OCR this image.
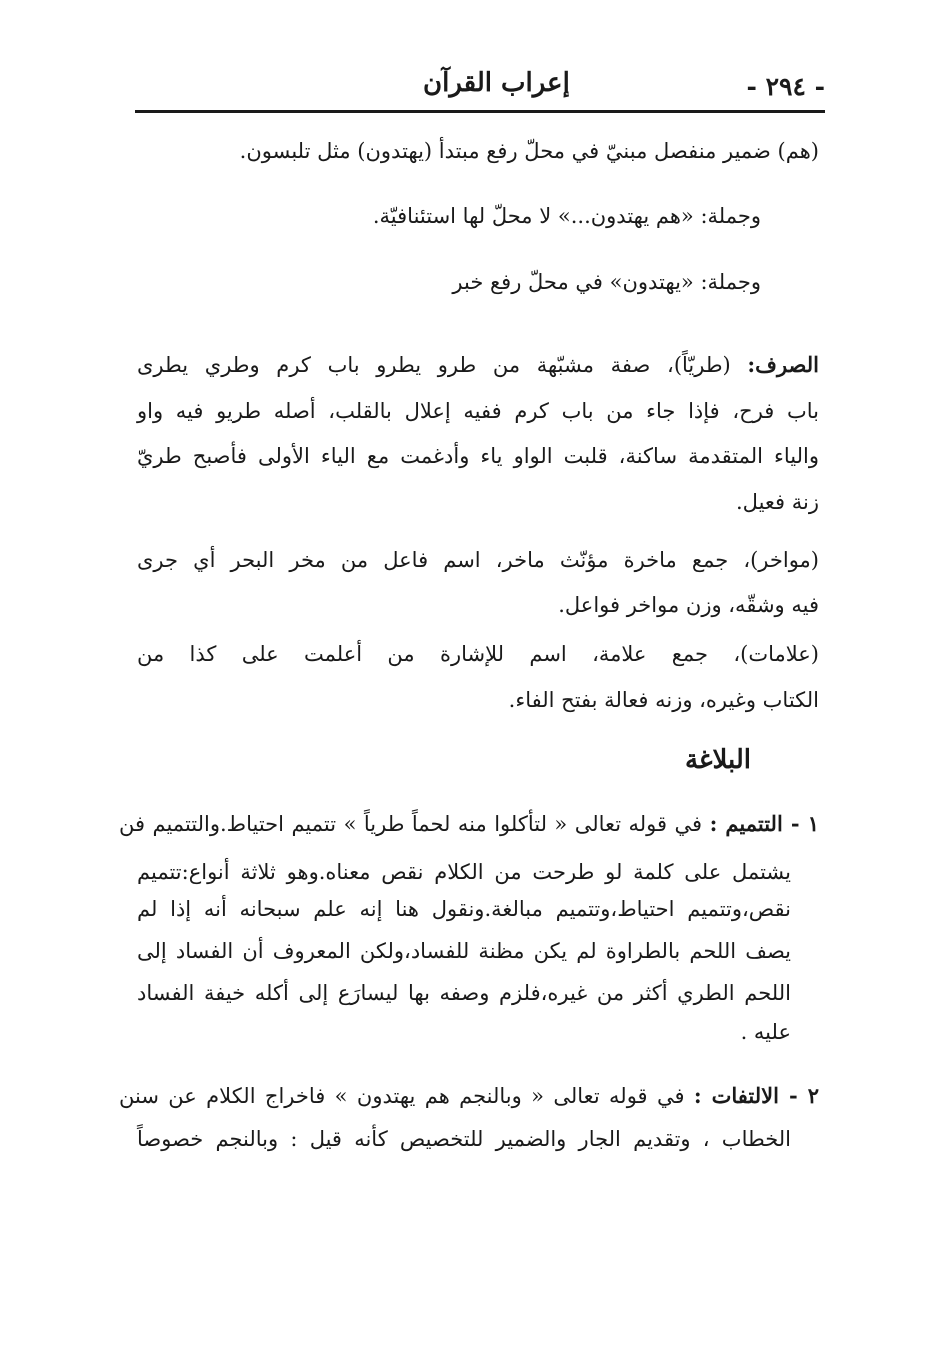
- ٢٩٤ -
إعراب القرآن
(هم) ضمير منفصل مبنيّ في محلّ رفع مبتدأ (يهتدون) مثل تلبسون.
وجملة: «هم يهتدون...» لا محلّ لها استئنافيّة.
وجملة: «يهتدون» في محلّ رفع خبر
الصرف: (طريّاً)، صفة مشبّهة من طرو يطرو باب كرم وطري يطرى
باب فرح، فإذا جاء من باب كرم ففيه إعلال بالقلب، أصله طريو فيه واو
والياء المتقدمة ساكنة، قلبت الواو ياء وأدغمت مع الياء الأولى فأصبح طريّ
زنة فعيل.
(مواخر)، جمع ماخرة مؤنّث ماخر، اسم فاعل من مخر البحر أي جرى
فيه وشقّه، وزن مواخر فواعل.
(علامات)، جمع علامة، اسم للإشارة من أعلمت على كذا من
الكتاب وغيره، وزنه فعالة بفتح الفاء.
البلاغة
١ - التتميم : في قوله تعالى « لتأكلوا منه لحماً طرياً » تتميم احتياط.والتتميم فن
يشتمل على كلمة لو طرحت من الكلام نقص معناه.وهو ثلاثة أنواع:تتميم
نقص،وتتميم احتياط،وتتميم مبالغة.ونقول هنا إنه علم سبحانه أنه إذا لم
يصف اللحم بالطراوة لم يكن مظنة للفساد،ولكن المعروف أن الفساد إلى
اللحم الطري أكثر من غيره،فلزم وصفه بها ليسارَع إلى أكله خيفة الفساد
عليه .
٢ - الالتفات : في قوله تعالى « وبالنجم هم يهتدون » فاخراج الكلام عن سنن
الخطاب ، وتقديم الجار والضمير للتخصيص كأنه قيل : وبالنجم خصوصاً
